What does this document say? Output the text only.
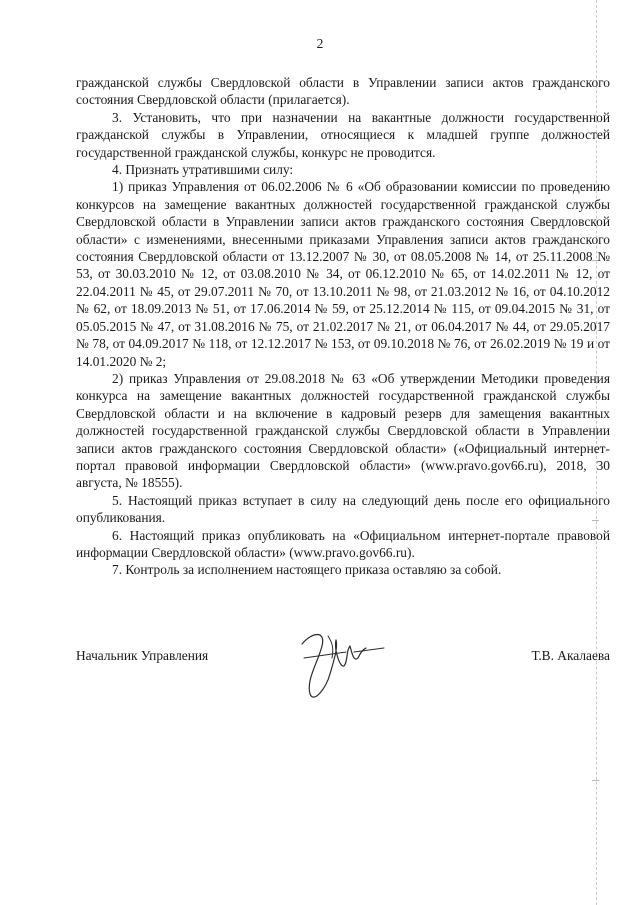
2

гражданской службы Свердловской области в Управлении записи актов гражданского состояния Свердловской области (прилагается).

3. Установить, что при назначении на вакантные должности государственной гражданской службы в Управлении, относящиеся к младшей группе должностей государственной гражданской службы, конкурс не проводится.

4. Признать утратившими силу:

1) приказ Управления от 06.02.2006 № 6 «Об образовании комиссии по проведению конкурсов на замещение вакантных должностей государственной гражданской службы Свердловской области в Управлении записи актов гражданского состояния Свердловской области» с изменениями, внесенными приказами Управления записи актов гражданского состояния Свердловской области от 13.12.2007 № 30, от 08.05.2008 № 14, от 25.11.2008 № 53, от 30.03.2010 № 12, от 03.08.2010 № 34, от 06.12.2010 № 65, от 14.02.2011 № 12, от 22.04.2011 № 45, от 29.07.2011 № 70, от 13.10.2011 № 98, от 21.03.2012 № 16, от 04.10.2012 № 62, от 18.09.2013 № 51, от 17.06.2014 № 59, от 25.12.2014 № 115, от 09.04.2015 № 31, от 05.05.2015 № 47, от 31.08.2016 № 75, от 21.02.2017 № 21, от 06.04.2017 № 44, от 29.05.2017 № 78, от 04.09.2017 № 118, от 12.12.2017 № 153, от 09.10.2018 № 76, от 26.02.2019 № 19 и от 14.01.2020 № 2;

2) приказ Управления от 29.08.2018 № 63 «Об утверждении Методики проведения конкурса на замещение вакантных должностей государственной гражданской службы Свердловской области и на включение в кадровый резерв для замещения вакантных должностей государственной гражданской службы Свердловской области в Управлении записи актов гражданского состояния Свердловской области» («Официальный интернет-портал правовой информации Свердловской области» (www.pravo.gov66.ru), 2018, 30 августа, № 18555).

5. Настоящий приказ вступает в силу на следующий день после его официального опубликования.

6. Настоящий приказ опубликовать на «Официальном интернет-портале правовой информации Свердловской области» (www.pravo.gov66.ru).

7. Контроль за исполнением настоящего приказа оставляю за собой.

Начальник Управления	Т.В. Акалаева
